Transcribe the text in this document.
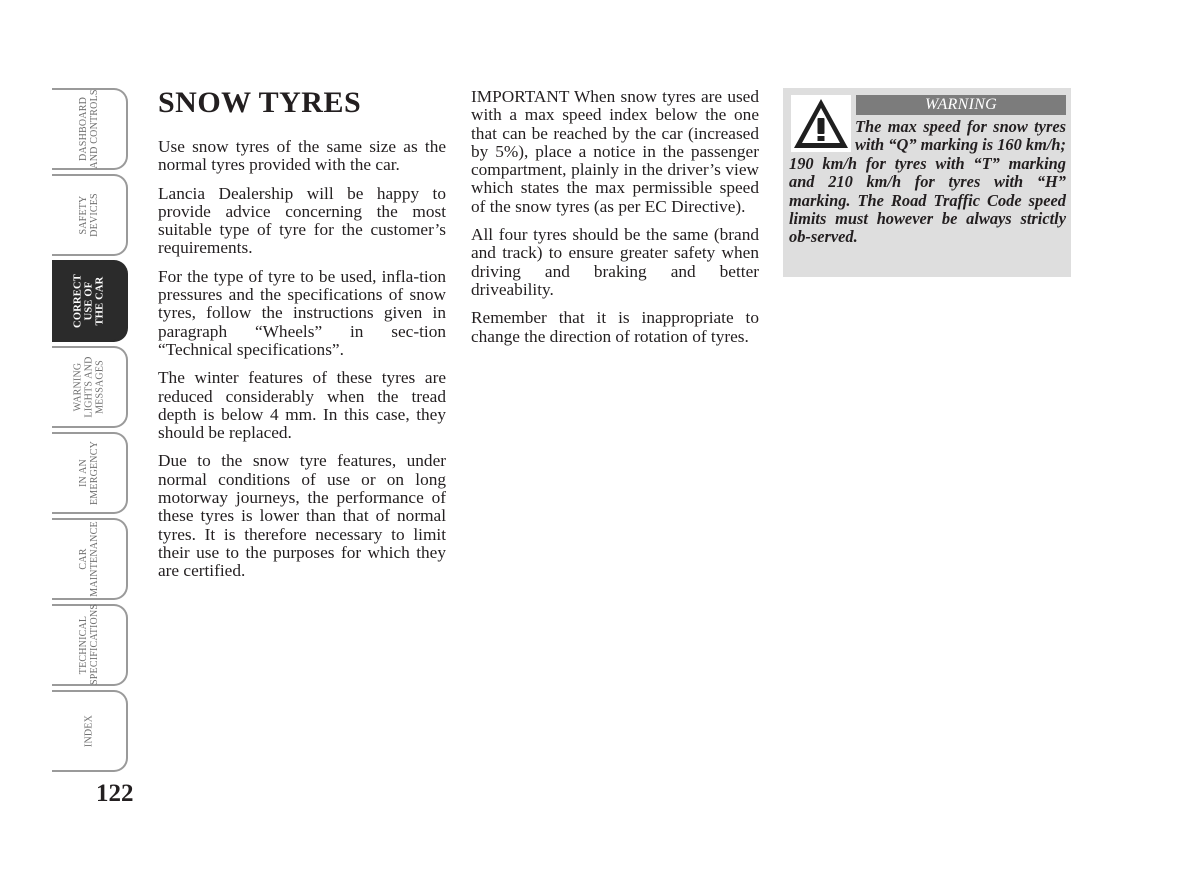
DASHBOARD
AND CONTROLS
SAFETY
DEVICES
CORRECT
USE OF
THE CAR
WARNING
LIGHTS AND
MESSAGES
IN AN
EMERGENCY
CAR
MAINTENANCE
TECHNICAL
SPECIFICATIONS
INDEX
122
SNOW TYRES

Use snow tyres of the same size as the normal tyres provided with the car.

Lancia Dealership will be happy to provide advice concerning the most suitable type of tyre for the customer’s requirements.

For the type of tyre to be used, infla-tion pressures and the specifications of snow tyres, follow the instructions given in paragraph “Wheels” in sec-tion “Technical specifications”.

The winter features of these tyres are reduced considerably when the tread depth is below 4 mm. In this case, they should be replaced.

Due to the snow tyre features, under normal conditions of use or on long motorway journeys, the performance of these tyres is lower than that of normal tyres. It is therefore necessary to limit their use to the purposes for which they are certified.

IMPORTANT When snow tyres are used with a max speed index below the one that can be reached by the car (increased by 5%), place a notice in the passenger compartment, plainly in the driver’s view which states the max permissible speed of the snow tyres (as per EC Directive).

All four tyres should be the same (brand and track) to ensure greater safety when driving and braking and better driveability.

Remember that it is inappropriate to change the direction of rotation of tyres.

WARNING
The max speed for snow tyres with “Q” marking is 160 km/h; 190 km/h for tyres with “T” marking and 210 km/h for tyres with “H” marking. The Road Traffic Code speed limits must however be always strictly ob-served.
